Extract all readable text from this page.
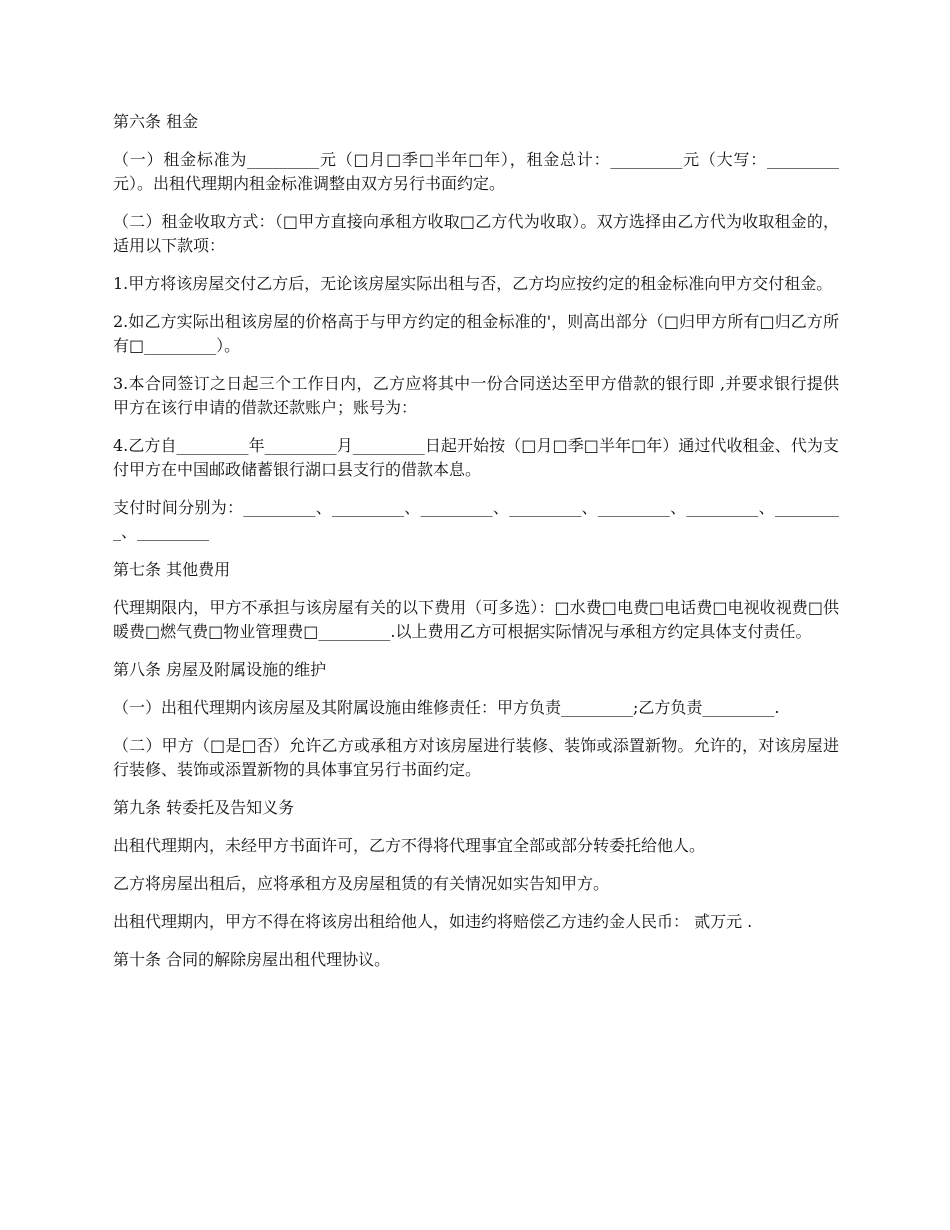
第六条 租金

（一）租金标准为_________元（□月□季□半年□年），租金总计：_________元（大写：_________元）。出租代理期内租金标准调整由双方另行书面约定。

（二）租金收取方式：（□甲方直接向承租方收取□乙方代为收取）。双方选择由乙方代为收取租金的，适用以下款项：

1.甲方将该房屋交付乙方后，无论该房屋实际出租与否，乙方均应按约定的租金标准向甲方交付租金。

2.如乙方实际出租该房屋的价格高于与甲方约定的租金标准的'，则高出部分（□归甲方所有□归乙方所有□_________）。

3.本合同签订之日起三个工作日内，乙方应将其中一份合同送达至甲方借款的银行即 ,并要求银行提供甲方在该行申请的借款还款账户；账号为：

4.乙方自_________年_________月_________日起开始按（□月□季□半年□年）通过代收租金、代为支付甲方在中国邮政储蓄银行湖口县支行的借款本息。

支付时间分别为：_________、_________、_________、_________、_________、_________、_________、_________

第七条 其他费用

代理期限内，甲方不承担与该房屋有关的以下费用（可多选）：□水费□电费□电话费□电视收视费□供暖费□燃气费□物业管理费□_________.以上费用乙方可根据实际情况与承租方约定具体支付责任。

第八条 房屋及附属设施的维护

（一）出租代理期内该房屋及其附属设施由维修责任：甲方负责_________;乙方负责_________.

（二）甲方（□是□否）允许乙方或承租方对该房屋进行装修、装饰或添置新物。允许的，对该房屋进行装修、装饰或添置新物的具体事宜另行书面约定。

第九条 转委托及告知义务

出租代理期内，未经甲方书面许可，乙方不得将代理事宜全部或部分转委托给他人。

乙方将房屋出租后，应将承租方及房屋租赁的有关情况如实告知甲方。

出租代理期内，甲方不得在将该房出租给他人，如违约将赔偿乙方违约金人民币： 贰万元 .

第十条 合同的解除房屋出租代理协议。
